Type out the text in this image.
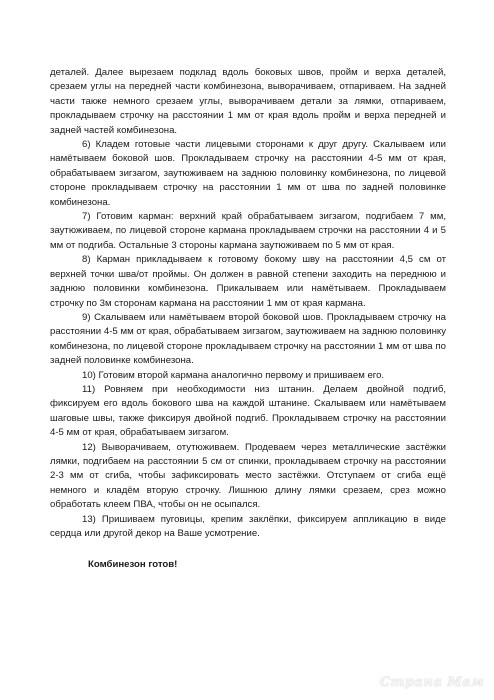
деталей. Далее вырезаем подклад вдоль боковых швов, пройм и верха деталей, срезаем углы на передней части комбинезона, выворачиваем, отпариваем. На задней части также немного срезаем углы, выворачиваем детали за лямки, отпариваем, прокладываем строчку на расстоянии 1 мм от края вдоль пройм и верха передней и задней частей комбинезона.

6) Кладем готовые части лицевыми сторонами к друг другу. Скалываем или намётываем боковой шов. Прокладываем строчку на расстоянии 4-5 мм от края, обрабатываем зигзагом, заутюживаем на заднюю половинку комбинезона, по лицевой стороне прокладываем строчку на расстоянии 1 мм от шва по задней половинке комбинезона.

7) Готовим карман: верхний край обрабатываем зигзагом, подгибаем 7 мм, заутюживаем, по лицевой стороне кармана прокладываем строчки на расстоянии 4 и 5 мм от подгиба. Остальные 3 стороны кармана заутюживаем по 5 мм от края.

8) Карман прикладываем к готовому бокому шву на расстоянии 4,5 см от верхней точки шва/от проймы. Он должен в равной степени заходить на переднюю и заднюю половинки комбинезона. Прикалываем или намётываем. Прокладываем строчку по 3м сторонам кармана на расстоянии 1 мм от края кармана.

9) Скалываем или намётываем второй боковой шов. Прокладываем строчку на расстоянии 4-5 мм от края, обрабатываем зигзагом, заутюживаем на заднюю половинку комбинезона, по лицевой стороне прокладываем строчку на расстоянии 1 мм от шва по задней половинке комбинезона.

10) Готовим второй кармана аналогично первому и пришиваем его.

11) Ровняем при необходимости низ штанин. Делаем двойной подгиб, фиксируем его вдоль бокового шва на каждой штанине. Скалываем или намётываем шаговые швы, также фиксируя двойной подгиб. Прокладываем строчку на расстоянии 4-5 мм от края, обрабатываем зигзагом.

12) Выворачиваем, отутюживаем. Продеваем через металлические застёжки лямки, подгибаем на расстоянии 5 см от спинки, прокладываем строчку на расстоянии 2-3 мм от сгиба, чтобы зафиксировать место застёжки. Отступаем от сгиба ещё немного и кладём вторую строчку. Лишнюю длину лямки срезаем, срез можно обработать клеем ПВА, чтобы он не осыпался.

13) Пришиваем пуговицы, крепим заклёпки, фиксируем аппликацию в виде сердца или другой декор на Ваше усмотрение.

Комбинезон готов!
Страна Мам
